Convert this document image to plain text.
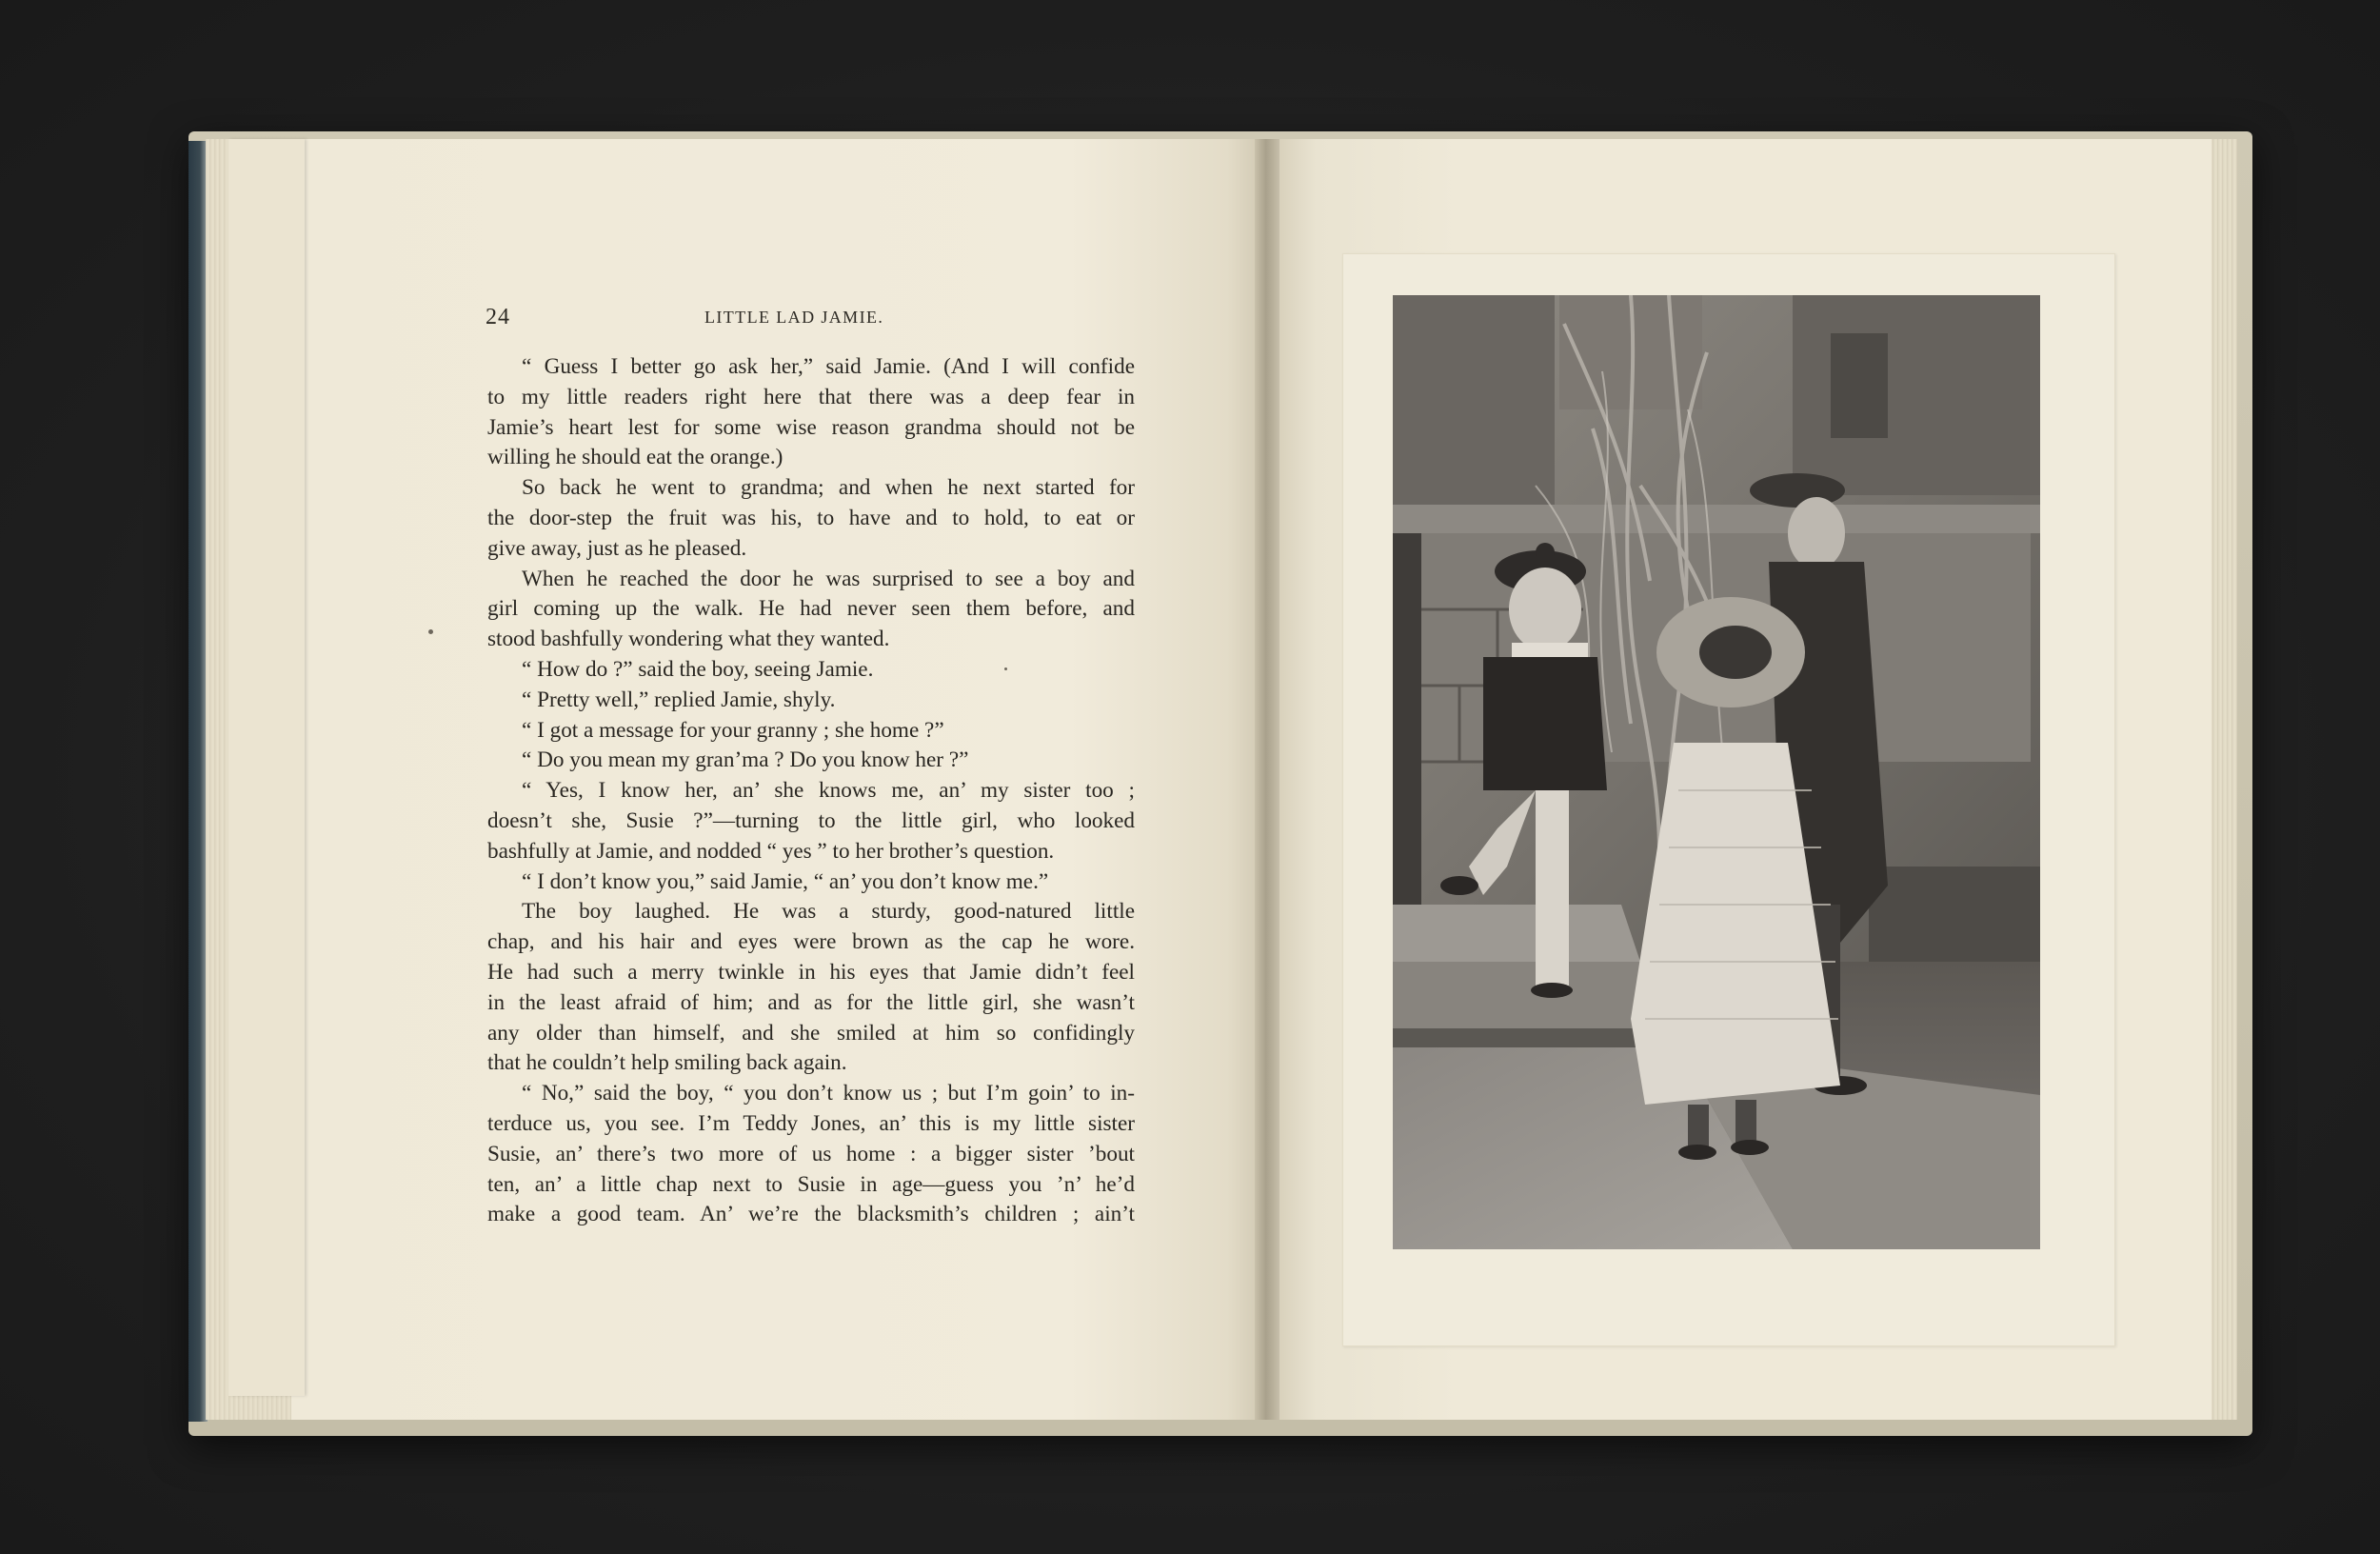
24	LITTLE LAD JAMIE.
“ Guess I better go ask her,” said Jamie. (And I will confide
to my little readers right here that there was a deep fear in
Jamie’s heart lest for some wise reason grandma should not be
willing he should eat the orange.)
So back he went to grandma; and when he next started for
the door-step the fruit was his, to have and to hold, to eat or
give away, just as he pleased.
When he reached the door he was surprised to see a boy and
girl coming up the walk. He had never seen them before, and
stood bashfully wondering what they wanted.
“ How do ?” said the boy, seeing Jamie.
“ Pretty well,” replied Jamie, shyly.
“ I got a message for your granny ; she home ?”
“ Do you mean my gran’ma ? Do you know her ?”
“ Yes, I know her, an’ she knows me, an’ my sister too ;
doesn’t she, Susie ?”—turning to the little girl, who looked
bashfully at Jamie, and nodded “ yes ” to her brother’s question.
“ I don’t know you,” said Jamie, “ an’ you don’t know me.”
The boy laughed. He was a sturdy, good-natured little
chap, and his hair and eyes were brown as the cap he wore.
He had such a merry twinkle in his eyes that Jamie didn’t feel
in the least afraid of him; and as for the little girl, she wasn’t
any older than himself, and she smiled at him so confidingly
that he couldn’t help smiling back again.
“ No,” said the boy, “ you don’t know us ; but I’m goin’ to in-
terduce us, you see. I’m Teddy Jones, an’ this is my little sister
Susie, an’ there’s two more of us home : a bigger sister ’bout
ten, an’ a little chap next to Susie in age—guess you ’n’ he’d
make a good team. An’ we’re the blacksmith’s children ; ain’t
